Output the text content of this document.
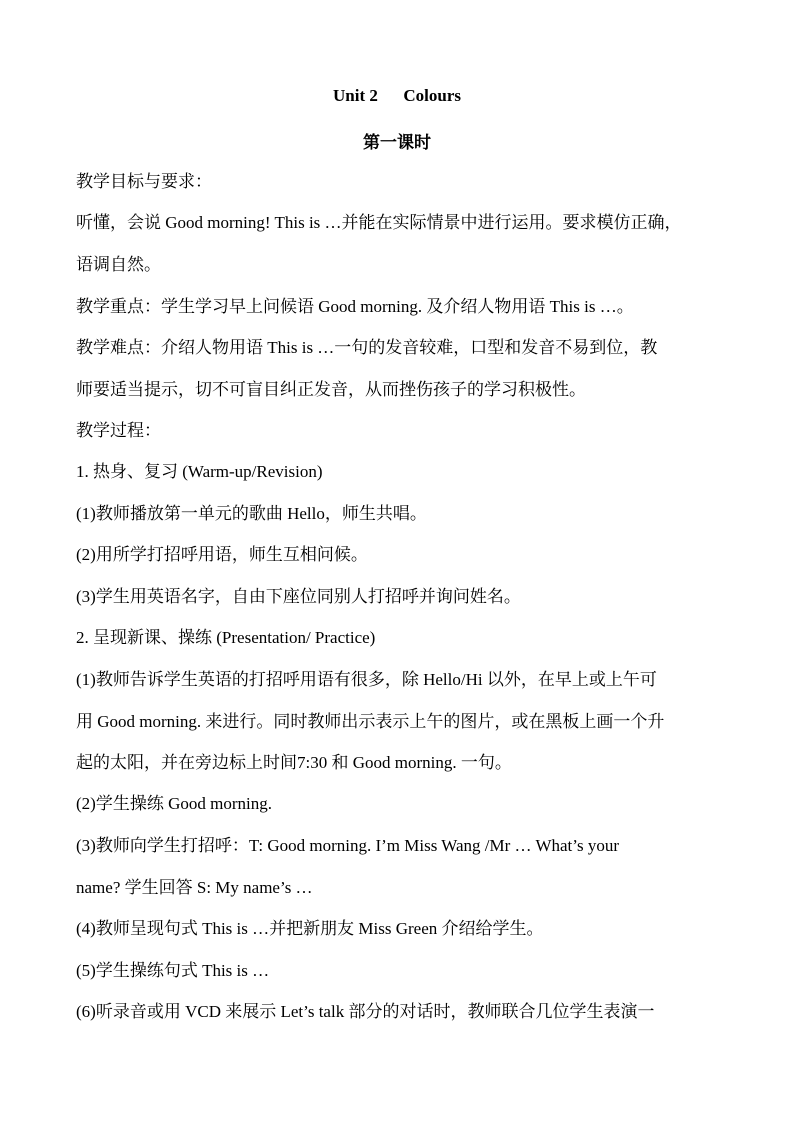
Unit 2      Colours
第一课时
教学目标与要求：
听懂，会说 Good morning! This is …并能在实际情景中进行运用。要求模仿正确，
语调自然。
教学重点：学生学习早上问候语 Good morning. 及介绍人物用语 This is …。
教学难点：介绍人物用语 This is …一句的发音较难，口型和发音不易到位，教
师要适当提示，切不可盲目纠正发音，从而挫伤孩子的学习积极性。
教学过程：
1. 热身、复习 (Warm-up/Revision)
(1)教师播放第一单元的歌曲 Hello，师生共唱。
(2)用所学打招呼用语，师生互相问候。
(3)学生用英语名字，自由下座位同别人打招呼并询问姓名。
2. 呈现新课、操练 (Presentation/ Practice)
(1)教师告诉学生英语的打招呼用语有很多，除 Hello/Hi 以外，在早上或上午可
用 Good morning. 来进行。同时教师出示表示上午的图片，或在黑板上画一个升
起的太阳，并在旁边标上时间7:30 和 Good morning. 一句。
(2)学生操练 Good morning.
(3)教师向学生打招呼：T: Good morning. I’m Miss Wang /Mr … What’s your
name? 学生回答 S: My name’s …
(4)教师呈现句式 This is …并把新朋友 Miss Green 介绍给学生。
(5)学生操练句式 This is …
(6)听录音或用 VCD 来展示 Let’s talk 部分的对话时，教师联合几位学生表演一
